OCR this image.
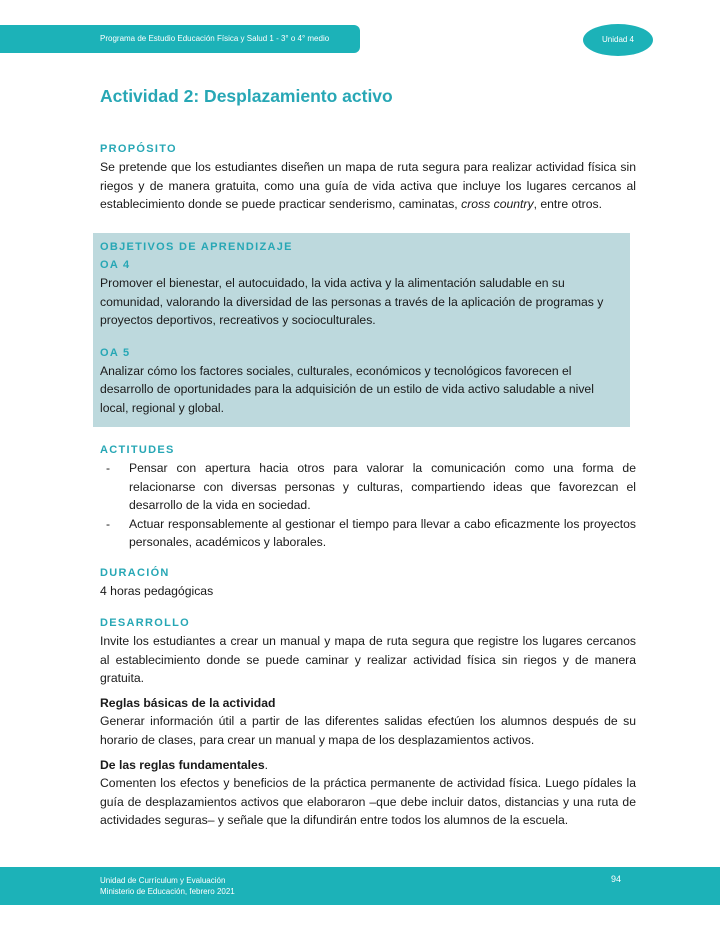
Programa de Estudio Educación Física y Salud 1 - 3° o 4° medio	Unidad 4
Actividad 2: Desplazamiento activo
PROPÓSITO

Se pretende que los estudiantes diseñen un mapa de ruta segura para realizar actividad física sin riegos y de manera gratuita, como una guía de vida activa que incluye los lugares cercanos al establecimiento donde se puede practicar senderismo, caminatas, cross country, entre otros.

OBJETIVOS DE APRENDIZAJE
OA 4

Promover el bienestar, el autocuidado, la vida activa y la alimentación saludable en su comunidad, valorando la diversidad de las personas a través de la aplicación de programas y proyectos deportivos, recreativos y socioculturales.

OA 5

Analizar cómo los factores sociales, culturales, económicos y tecnológicos favorecen el desarrollo de oportunidades para la adquisición de un estilo de vida activo saludable a nivel local, regional y global.

ACTITUDES
- Pensar con apertura hacia otros para valorar la comunicación como una forma de relacionarse con diversas personas y culturas, compartiendo ideas que favorezcan el desarrollo de la vida en sociedad.
- Actuar responsablemente al gestionar el tiempo para llevar a cabo eficazmente los proyectos personales, académicos y laborales.
DURACIÓN

4 horas pedagógicas

DESARROLLO

Invite los estudiantes a crear un manual y mapa de ruta segura que registre los lugares cercanos al establecimiento donde se puede caminar y realizar actividad física sin riegos y de manera gratuita.

Reglas básicas de la actividad

Generar información útil a partir de las diferentes salidas efectúen los alumnos después de su horario de clases, para crear un manual y mapa de los desplazamientos activos.

De las reglas fundamentales.

Comenten los efectos y beneficios de la práctica permanente de actividad física. Luego pídales la guía de desplazamientos activos que elaboraron –que debe incluir datos, distancias y una ruta de actividades seguras– y señale que la difundirán entre todos los alumnos de la escuela.

Unidad de Currículum y Evaluación
Ministerio de Educación, febrero 2021
94
